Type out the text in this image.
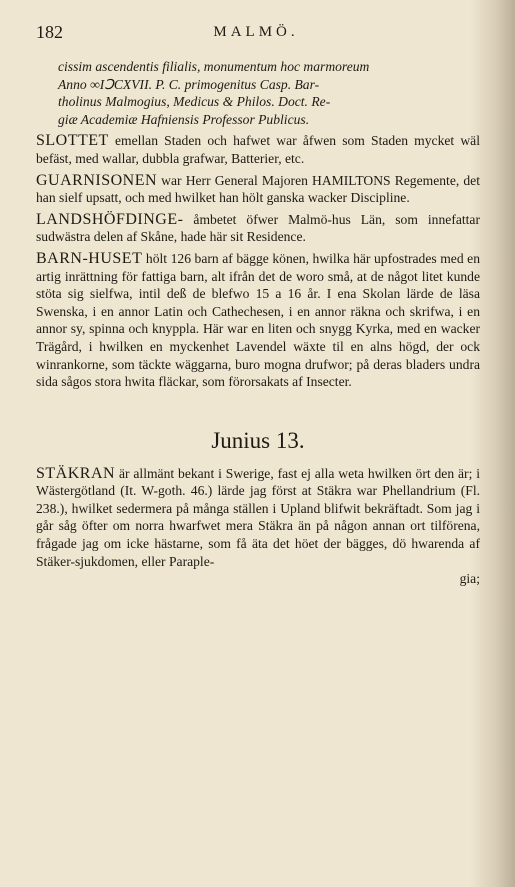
182	MALMÖ.

cissim ascendentis filialis, monumentum hoc marmoreum

Anno ∞IↃCXVII. P. C. primogenitus Casp. Bar-

tholinus Malmogius, Medicus & Philos. Doct. Re-

giæ Academiæ Hafniensis Professor Publicus.

SLOTTET emellan Staden och hafwet war åfwen som Staden mycket wäl befäst, med wallar, dubbla grafwar, Batterier, etc.

GUARNISONEN war Herr General Majoren HAMILTONS Regemente, det han sielf upsatt, och med hwilket han hölt ganska wacker Discipline.

LANDSHÖFDINGE- åmbetet öfwer Malmö-hus Län, som innefattar sudwästra delen af Skåne, hade här sit Residence.

BARN-HUSET hölt 126 barn af bägge könen, hwilka här upfostrades med en artig inrättning för fattiga barn, alt ifrån det de woro små, at de något litet kunde stöta sig sielfwa, intil deß de blefwo 15 a 16 år. I ena Skolan lärde de läsa Swenska, i en annor Latin och Cathechesen, i en annor räkna och skrifwa, i en annor sy, spinna och knyppla. Här war en liten och snygg Kyrka, med en wacker Trägård, i hwilken en myckenhet Lavendel wäxte til en alns högd, der ock winrankorne, som täckte wäggarna, buro mogna drufwor; på deras bladers undra sida sågos stora hwita fläckar, som förorsakats af Insecter.

Junius 13.

STÄKRAN är allmänt bekant i Swerige, fast ej alla weta hwilken ört den är; i Wästergötland (It. W-goth. 46.) lärde jag först at Stäkra war Phellandrium (Fl. 238.), hwilket sedermera på många ställen i Upland blifwit bekräftadt. Som jag i går såg öfter om norra hwarfwet mera Stäkra än på någon annan ort tilförena, frågade jag om icke hästarne, som få äta det höet der bägges, dö hwarenda af Stäker-sjukdomen, eller Paraple-

gia;
